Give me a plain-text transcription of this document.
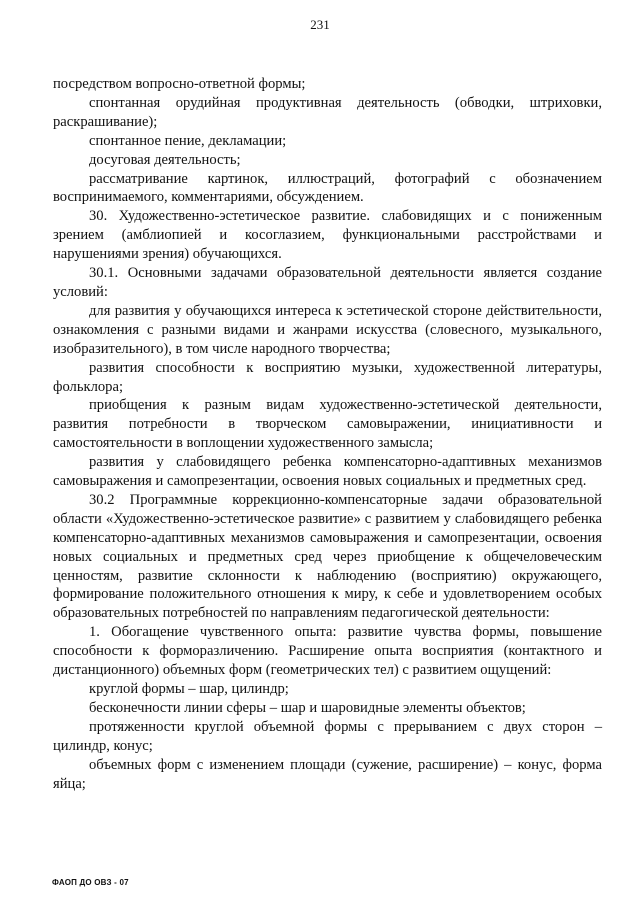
231

посредством вопросно-ответной формы;

спонтанная орудийная продуктивная деятельность (обводки, штриховки, раскрашивание);

спонтанное пение, декламации;

досуговая деятельность;

рассматривание картинок, иллюстраций, фотографий с обозначением воспринимаемого, комментариями, обсуждением.

30. Художественно-эстетическое развитие. слабовидящих и с пониженным зрением (амблиопией и косоглазием, функциональными расстройствами и нарушениями зрения) обучающихся.

30.1. Основными задачами образовательной деятельности является создание условий:

для развития у обучающихся интереса к эстетической стороне действительности, ознакомления с разными видами и жанрами искусства (словесного, музыкального, изобразительного), в том числе народного творчества;

развития способности к восприятию музыки, художественной литературы, фольклора;

приобщения к разным видам художественно-эстетической деятельности, развития потребности в творческом самовыражении, инициативности и самостоятельности в воплощении художественного замысла;

развития у слабовидящего ребенка компенсаторно-адаптивных механизмов самовыражения и самопрезентации, освоения новых социальных и предметных сред.

30.2 Программные коррекционно-компенсаторные задачи образовательной области «Художественно-эстетическое развитие» с развитием у слабовидящего ребенка компенсаторно-адаптивных механизмов самовыражения и самопрезентации, освоения новых социальных и предметных сред через приобщение к общечеловеческим ценностям, развитие склонности к наблюдению (восприятию) окружающего, формирование положительного отношения к миру, к себе и удовлетворением особых образовательных потребностей по направлениям педагогической деятельности:

1. Обогащение чувственного опыта: развитие чувства формы, повышение способности к форморазличению. Расширение опыта восприятия (контактного и дистанционного) объемных форм (геометрических тел) с развитием ощущений:

круглой формы – шар, цилиндр;

бесконечности линии сферы – шар и шаровидные элементы объектов;

протяженности круглой объемной формы с прерыванием с двух сторон – цилиндр, конус;

объемных форм с изменением площади (сужение, расширение) – конус, форма яйца;

ФАОП ДО ОВЗ - 07
